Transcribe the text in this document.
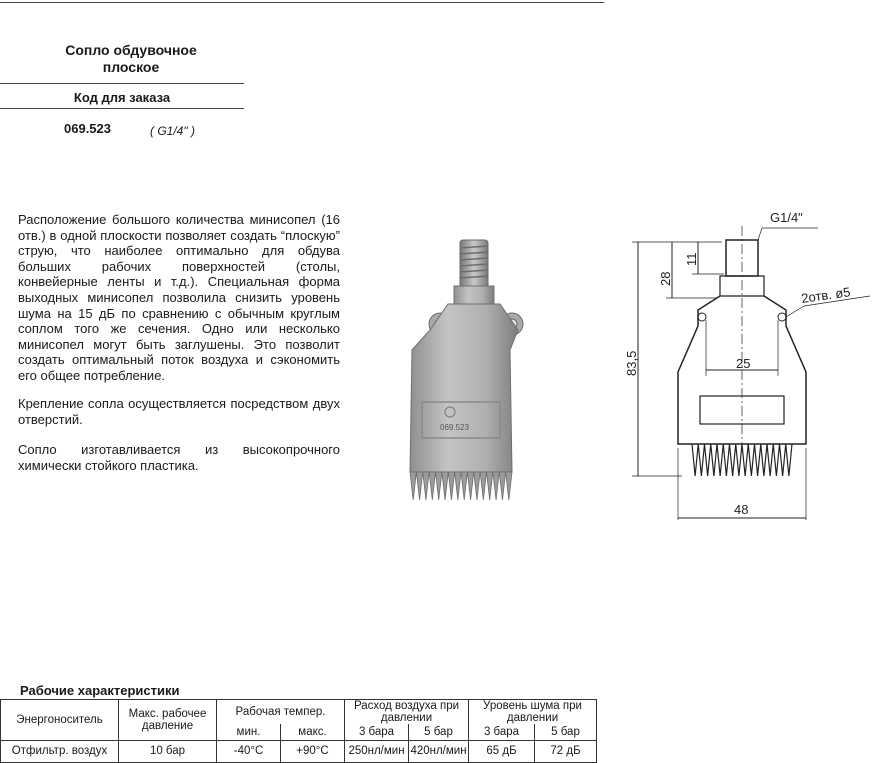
Сопло обдувочное
плоское
Код для заказа
069.523	( G1/4" )

Расположение большого количества минисопел (16 отв.) в одной плоскости позволяет создать “плоскую” струю, что наиболее оптимально для обдува больших рабочих поверхностей (столы, конвейерные ленты и т.д.). Специальная форма выходных минисопел позволила снизить уровень шума на 15 дБ по сравнению с обычным круглым соплом того же сечения. Одно или несколько минисопел могут быть заглушены. Это позволит создать оптимальный поток воздуха и сэкономить его общее потребление.

Крепление сопла осуществляется посредством двух отверстий.

Сопло изготавливается из высокопрочного химически стойкого пластика.

069.523
G1/4"
2отв. ø5
25
48
83,5
28
11
Рабочие характеристики
Энергоноситель	Макс. рабочее давление	Рабочая темпер.		Расход воздуха при давлении		Уровень шума при давлении	
		мин.	макс.	3 бара	5 бар	3 бара	5 бар
Отфильтр. воздух	10 бар	-40°C	+90°C	250нл/мин	420нл/мин	65 дБ	72 дБ
